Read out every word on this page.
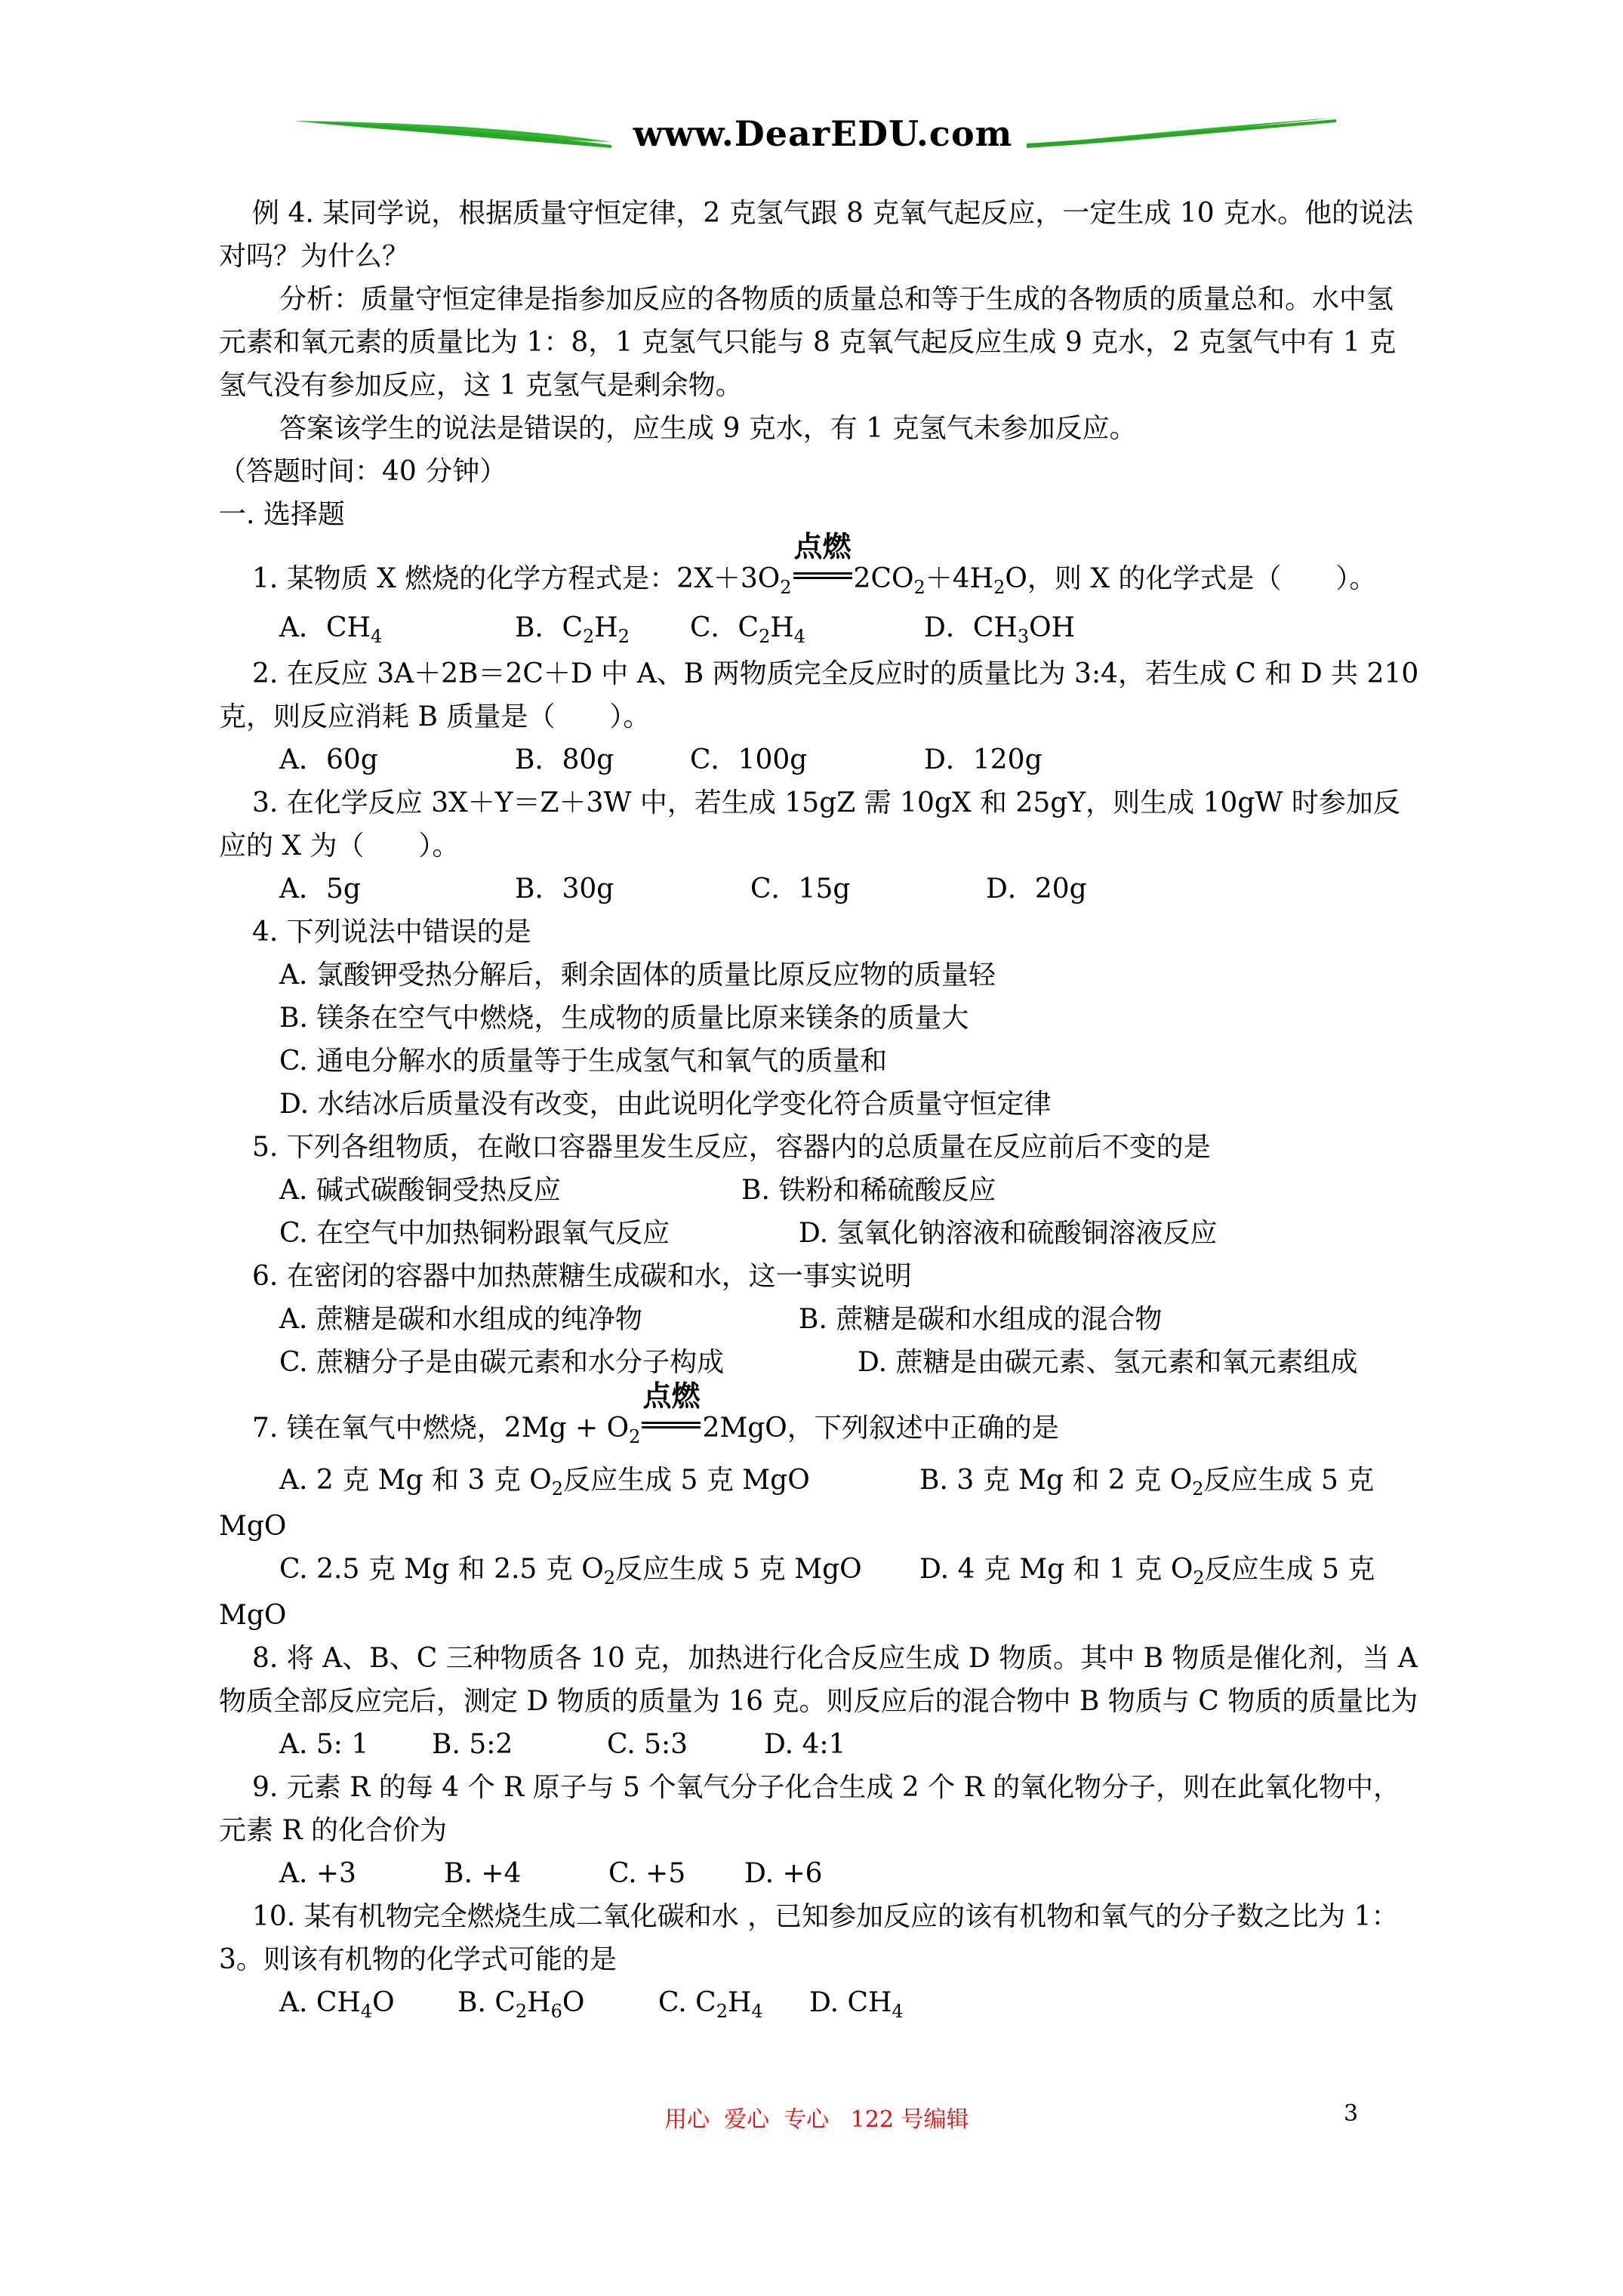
www.DearEDU.com

例 4. 某同学说，根据质量守恒定律，2 克氢气跟 8 克氧气起反应，一定生成 10 克水。他的说法对吗？为什么？

分析：质量守恒定律是指参加反应的各物质的质量总和等于生成的各物质的质量总和。水中氢元素和氧元素的质量比为 1：8，1 克氢气只能与 8 克氧气起反应生成 9 克水，2 克氢气中有 1 克氢气没有参加反应，这 1 克氢气是剩余物。

答案该学生的说法是错误的，应生成 9 克水，有 1 克氢气未参加反应。

（答题时间：40 分钟）

一. 选择题

1. 某物质 X 燃烧的化学方程式是：$2X+3O_2$
点燃
$2CO_2+4H_2O$，则 X 的化学式是（　　）。

A．CH4	B．C2H2	C．C2H4	D．CH3OH

2. 在反应 3A＋2B＝2C＋D 中 A、B 两物质完全反应时的质量比为 3:4，若生成 C 和 D 共 210 克，则反应消耗 B 质量是（　　）。

A．60g	B．80g	C．100g	D．120g

3. 在化学反应 3X＋Y＝Z＋3W 中，若生成 15gZ 需 10gX 和 25gY，则生成 10gW 时参加反应的 X 为（　　）。

A．5g	B．30g	C．15g	D．20g

4. 下列说法中错误的是

A. 氯酸钾受热分解后，剩余固体的质量比原反应物的质量轻

B. 镁条在空气中燃烧，生成物的质量比原来镁条的质量大

C. 通电分解水的质量等于生成氢气和氧气的质量和

D. 水结冰后质量没有改变，由此说明化学变化符合质量守恒定律

5. 下列各组物质，在敞口容器里发生反应，容器内的总质量在反应前后不变的是

A. 碱式碳酸铜受热反应	B. 铁粉和稀硫酸反应
C. 在空气中加热铜粉跟氧气反应	D. 氢氧化钠溶液和硫酸铜溶液反应

6. 在密闭的容器中加热蔗糖生成碳和水，这一事实说明

A. 蔗糖是碳和水组成的纯净物	B. 蔗糖是碳和水组成的混合物
C. 蔗糖分子是由碳元素和水分子构成	D. 蔗糖是由碳元素、氢元素和氧元素组成

7. 镁在氧气中燃烧，$2Mg + O_2$
点燃
2MgO，下列叙述中正确的是

A. 2 克 Mg 和 3 克 O2反应生成 5 克 MgO	B. 3 克 Mg 和 2 克 O2反应生成 5 克

MgO

C. 2.5 克 Mg 和 2.5 克 O2反应生成 5 克 MgO	D. 4 克 Mg 和 1 克 O2反应生成 5 克

MgO

8. 将 A、B、C 三种物质各 10 克，加热进行化合反应生成 D 物质。其中 B 物质是催化剂，当 A 物质全部反应完后，测定 D 物质的质量为 16 克。则反应后的混合物中 B 物质与 C 物质的质量比为

A. 5: 1	B. 5:2	C. 5:3	D. 4:1

9. 元素 R 的每 4 个 R 原子与 5 个氧气分子化合生成 2 个 R 的氧化物分子，则在此氧化物中，元素 R 的化合价为

A. +3	B. +4	C. +5	D. +6

10. 某有机物完全燃烧生成二氧化碳和水 ，已知参加反应的该有机物和氧气的分子数之比为 1：3。则该有机物的化学式可能的是

A. CH4O	B. C2H6O	C. C2H4	D. CH4
用心  爱心  专心   122 号编辑	3
